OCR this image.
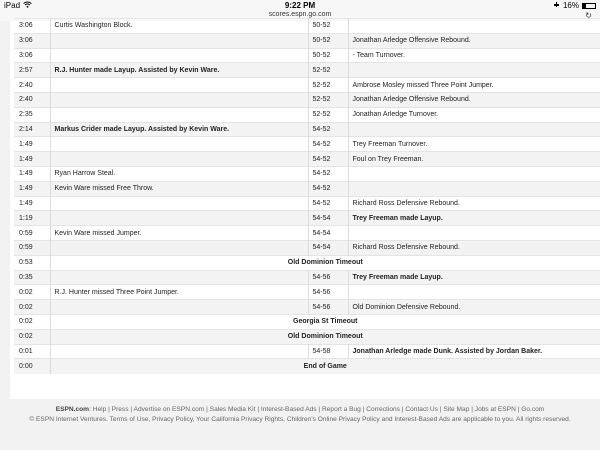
iPad	9:22 PM	16%
scores.espn.go.com	↻
3:06	Curtis Washington Block.	50-52	
3:06		50-52	Jonathan Arledge Offensive Rebound.
3:06		50-52	- Team Turnover.
2:57	R.J. Hunter made Layup. Assisted by Kevin Ware.	52-52	
2:40		52-52	Ambrose Mosley missed Three Point Jumper.
2:40		52-52	Jonathan Arledge Offensive Rebound.
2:35		52-52	Jonathan Arledge Turnover.
2:14	Markus Crider made Layup. Assisted by Kevin Ware.	54-52	
1:49		54-52	Trey Freeman Turnover.
1:49		54-52	Foul on Trey Freeman.
1:49	Ryan Harrow Steal.	54-52	
1:49	Kevin Ware missed Free Throw.	54-52	
1:49		54-52	Richard Ross Defensive Rebound.
1:19		54-54	Trey Freeman made Layup.
0:59	Kevin Ware missed Jumper.	54-54	
0:59		54-54	Richard Ross Defensive Rebound.
0:53	Old Dominion Timeout		
0:35		54-56	Trey Freeman made Layup.
0:02	R.J. Hunter missed Three Point Jumper.	54-56	
0:02		54-56	Old Dominion Defensive Rebound.
0:02	Georgia St Timeout		
0:02	Old Dominion Timeout		
0:01		54-58	Jonathan Arledge made Dunk. Assisted by Jordan Baker.
0:00	End of Game		
ESPN.com: Help | Press | Advertise on ESPN.com | Sales Media Kit | Interest-Based Ads | Report a Bug | Corrections | Contact Us | Site Map | Jobs at ESPN | Go.com
© ESPN Internet Ventures. Terms of Use, Privacy Policy, Your California Privacy Rights, Children's Online Privacy Policy and Interest-Based Ads are applicable to you. All rights reserved.
